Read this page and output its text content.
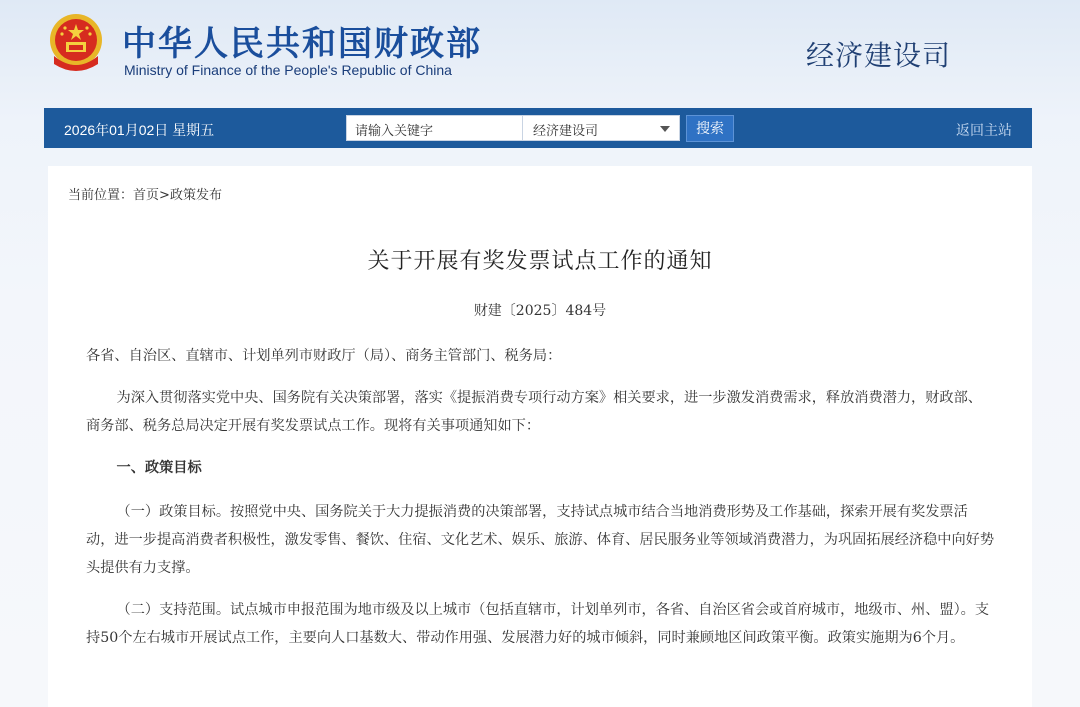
中华人民共和国财政部
Ministry of Finance of the People's Republic of China	经济建设司
2026年01月02日 星期五	请输入关键字	经济建设司	搜索	返回主站
当前位置：首页>政策发布
关于开展有奖发票试点工作的通知
财建〔2025〕484号

各省、自治区、直辖市、计划单列市财政厅（局）、商务主管部门、税务局：

为深入贯彻落实党中央、国务院有关决策部署，落实《提振消费专项行动方案》相关要求，进一步激发消费需求，释放消费潜力，财政部、商务部、税务总局决定开展有奖发票试点工作。现将有关事项通知如下：

一、政策目标

（一）政策目标。按照党中央、国务院关于大力提振消费的决策部署，支持试点城市结合当地消费形势及工作基础，探索开展有奖发票活动，进一步提高消费者积极性，激发零售、餐饮、住宿、文化艺术、娱乐、旅游、体育、居民服务业等领域消费潜力，为巩固拓展经济稳中向好势头提供有力支撑。

（二）支持范围。试点城市申报范围为地市级及以上城市（包括直辖市，计划单列市，各省、自治区省会或首府城市，地级市、州、盟）。支持50个左右城市开展试点工作，主要向人口基数大、带动作用强、发展潜力好的城市倾斜，同时兼顾地区间政策平衡。政策实施期为6个月。
